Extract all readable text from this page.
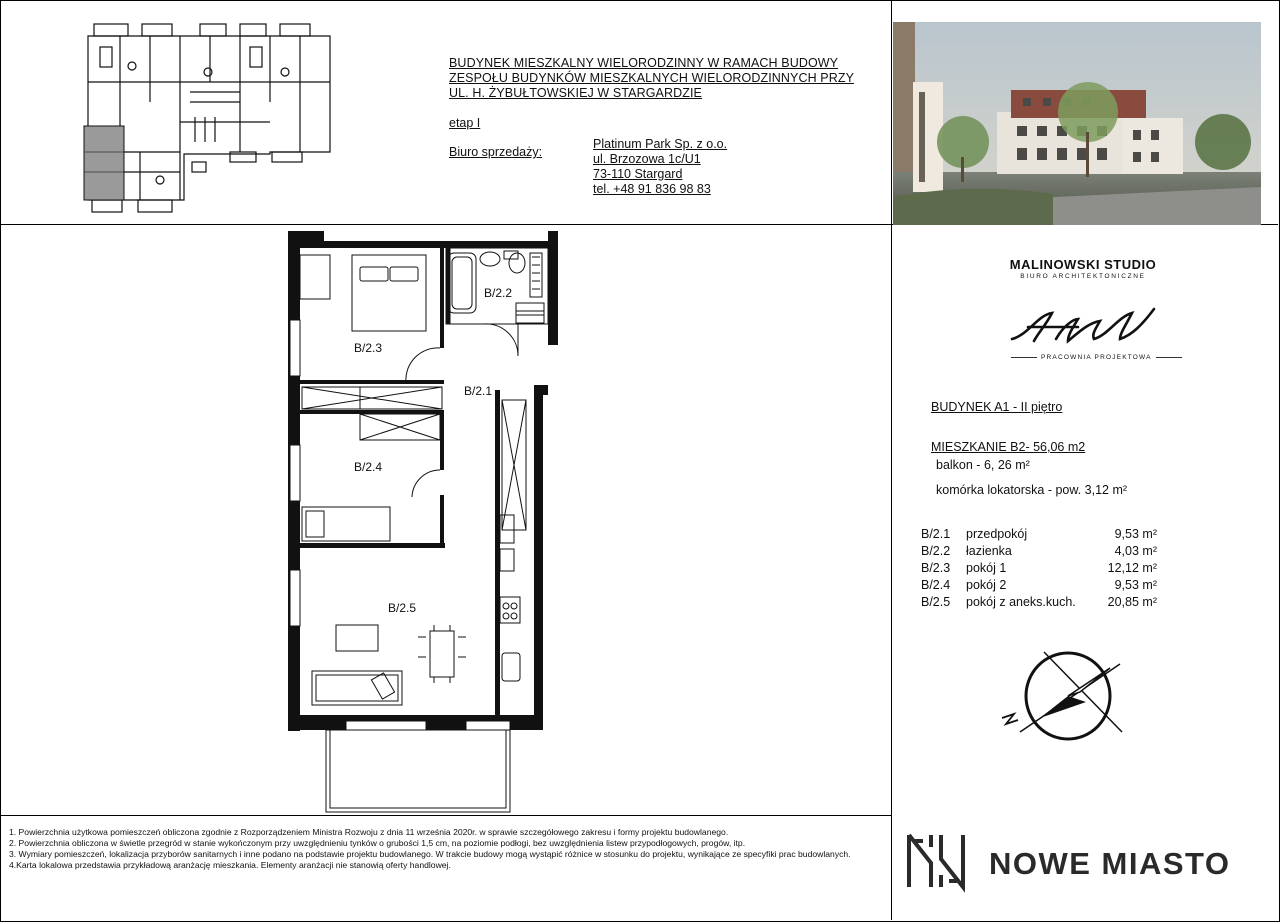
BUDYNEK MIESZKALNY WIELORODZINNY W RAMACH BUDOWY
ZESPOŁU BUDYNKÓW MIESZKALNYCH WIELORODZINNYCH PRZY
UL. H. ŻYBUŁTOWSKIEJ W STARGARDZIE
etap I
Biuro sprzedaży:
Platinum Park Sp. z o.o.
ul. Brzozowa 1c/U1
73-110 Stargard
tel. +48 91 836 98 83
B/2.1
B/2.2
B/2.3
B/2.4
B/2.5
MALINOWSKI STUDIO
BIURO ARCHITEKTONICZNE
PRACOWNIA PROJEKTOWA
BUDYNEK A1 - II piętro
MIESZKANIE B2- 56,06 m2
balkon - 6, 26 m²
komórka lokatorska - pow. 3,12 m²
B/2.1	przedpokój	9,53 m²
B/2.2	łazienka	4,03 m²
B/2.3	pokój 1	12,12 m²
B/2.4	pokój 2	9,53 m²
B/2.5	pokój z aneks.kuch.	20,85 m²
1. Powierzchnia użytkowa pomieszczeń obliczona zgodnie z Rozporządzeniem Ministra Rozwoju z dnia 11 września 2020r. w sprawie szczegółowego zakresu i formy projektu budowlanego.
2. Powierzchnia obliczona w świetle przegród w stanie wykończonym przy uwzględnieniu tynków o grubości 1,5 cm, na poziomie podłogi, bez uwzględnienia listew przypodłogowych, progów, itp.
3. Wymiary pomieszczeń, lokalizacja przyborów sanitarnych i inne podano na podstawie projektu budowlanego. W trakcie budowy mogą wystąpić różnice w stosunku do projektu, wynikające ze specyfiki prac budowlanych.
4.Karta lokalowa przedstawia przykładową aranżację mieszkania. Elementy aranżacji nie stanowią oferty handlowej.	NOWE MIASTO
